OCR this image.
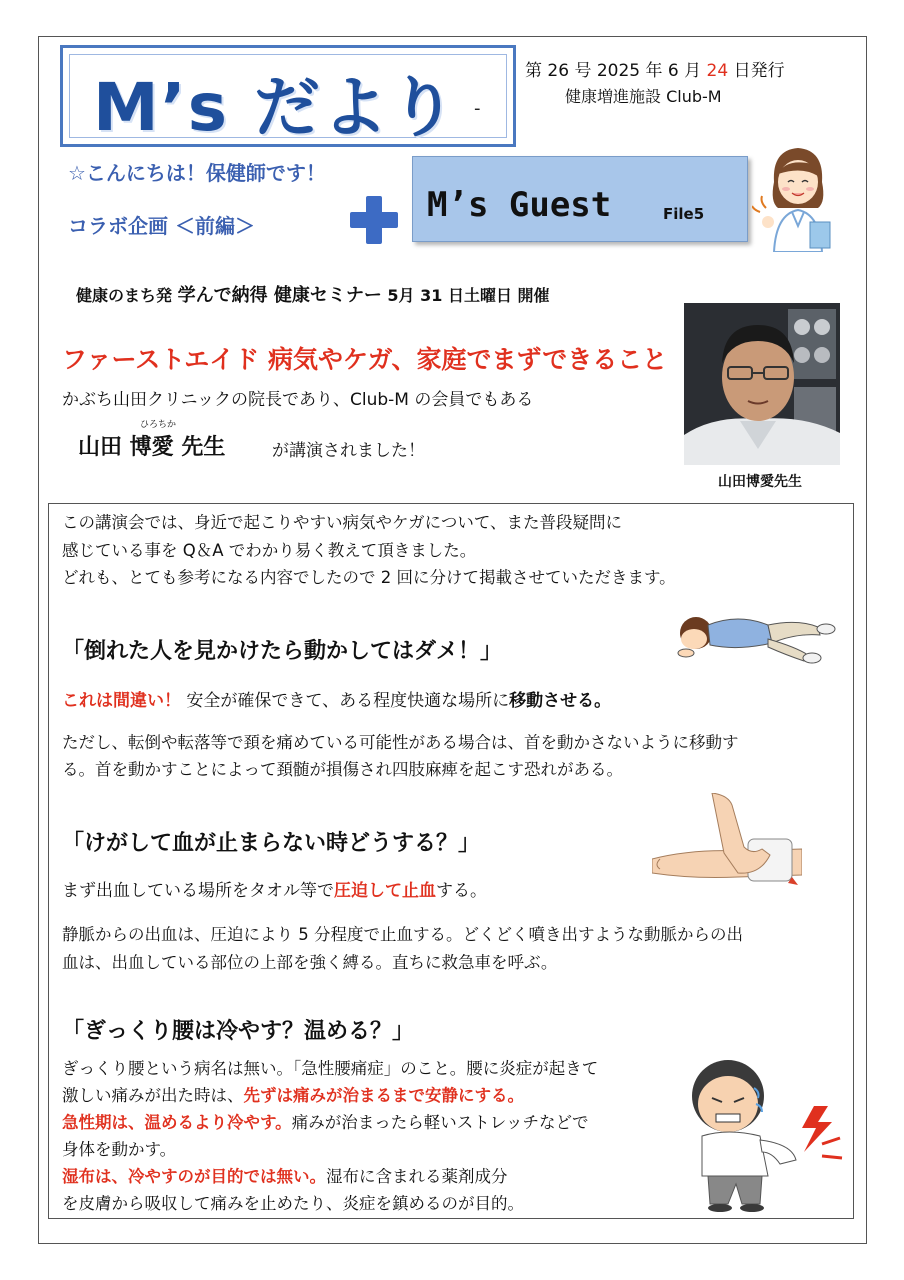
M’s だより -
第 26 号 2025 年 6 月 24 日発行
健康増進施設 Club-M
☆こんにちは！保健師です！
コラボ企画 ＜前編＞
M’s Guest	File5
健康のまち発 学んで納得 健康セミナー 5月 31 日土曜日 開催
ファーストエイド 病気やケガ、家庭でまずできること
かぶち山田クリニックの院長であり、Club-M の会員でもある
ひろちか
山田 博愛 先生	が講演されました！
山田博愛先生
この講演会では、身近で起こりやすい病気やケガについて、また普段疑問に
感じている事を Q＆A でわかり易く教えて頂きました。
どれも、とても参考になる内容でしたので 2 回に分けて掲載させていただきます。
「倒れた人を見かけたら動かしてはダメ！」
これは間違い！ 安全が確保できて、ある程度快適な場所に移動させる。
ただし、転倒や転落等で頚を痛めている可能性がある場合は、首を動かさないように移動す
る。首を動かすことによって頚髄が損傷され四肢麻痺を起こす恐れがある。
「けがして血が止まらない時どうする？」
まず出血している場所をタオル等で圧迫して止血する。
静脈からの出血は、圧迫により 5 分程度で止血する。どくどく噴き出すような動脈からの出
血は、出血している部位の上部を強く縛る。直ちに救急車を呼ぶ。
「ぎっくり腰は冷やす？温める？」
ぎっくり腰という病名は無い。「急性腰痛症」のこと。腰に炎症が起きて
激しい痛みが出た時は、先ずは痛みが治まるまで安静にする。
急性期は、温めるより冷やす。痛みが治まったら軽いストレッチなどで
身体を動かす。
湿布は、冷やすのが目的では無い。湿布に含まれる薬剤成分
を皮膚から吸収して痛みを止めたり、炎症を鎮めるのが目的。
